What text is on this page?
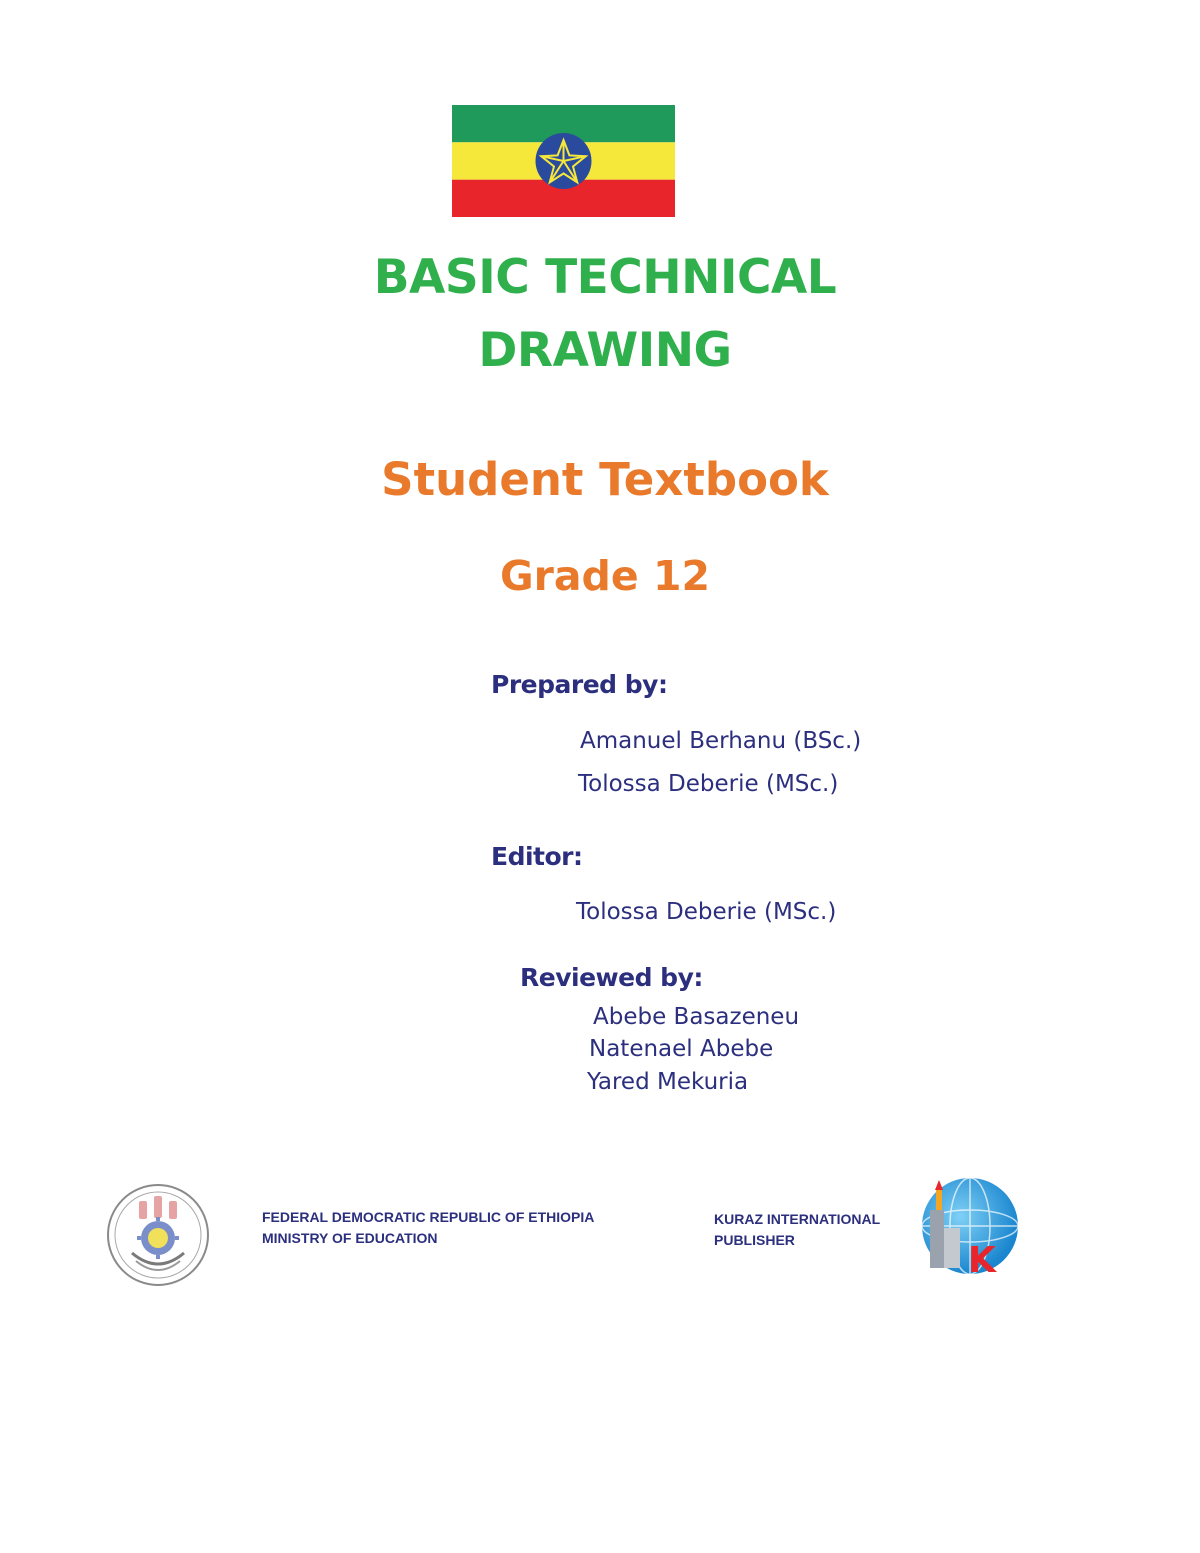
BASIC TECHNICAL
DRAWING
Student Textbook
Grade 12
Prepared by:
Amanuel Berhanu (BSc.)
Tolossa Deberie (MSc.)
Editor:
Tolossa Deberie (MSc.)
Reviewed by:
Abebe Basazeneu
Natenael Abebe
Yared Mekuria
FEDERAL DEMOCRATIC REPUBLIC OF ETHIOPIA
MINISTRY OF EDUCATION
KURAZ INTERNATIONAL
PUBLISHER	K
